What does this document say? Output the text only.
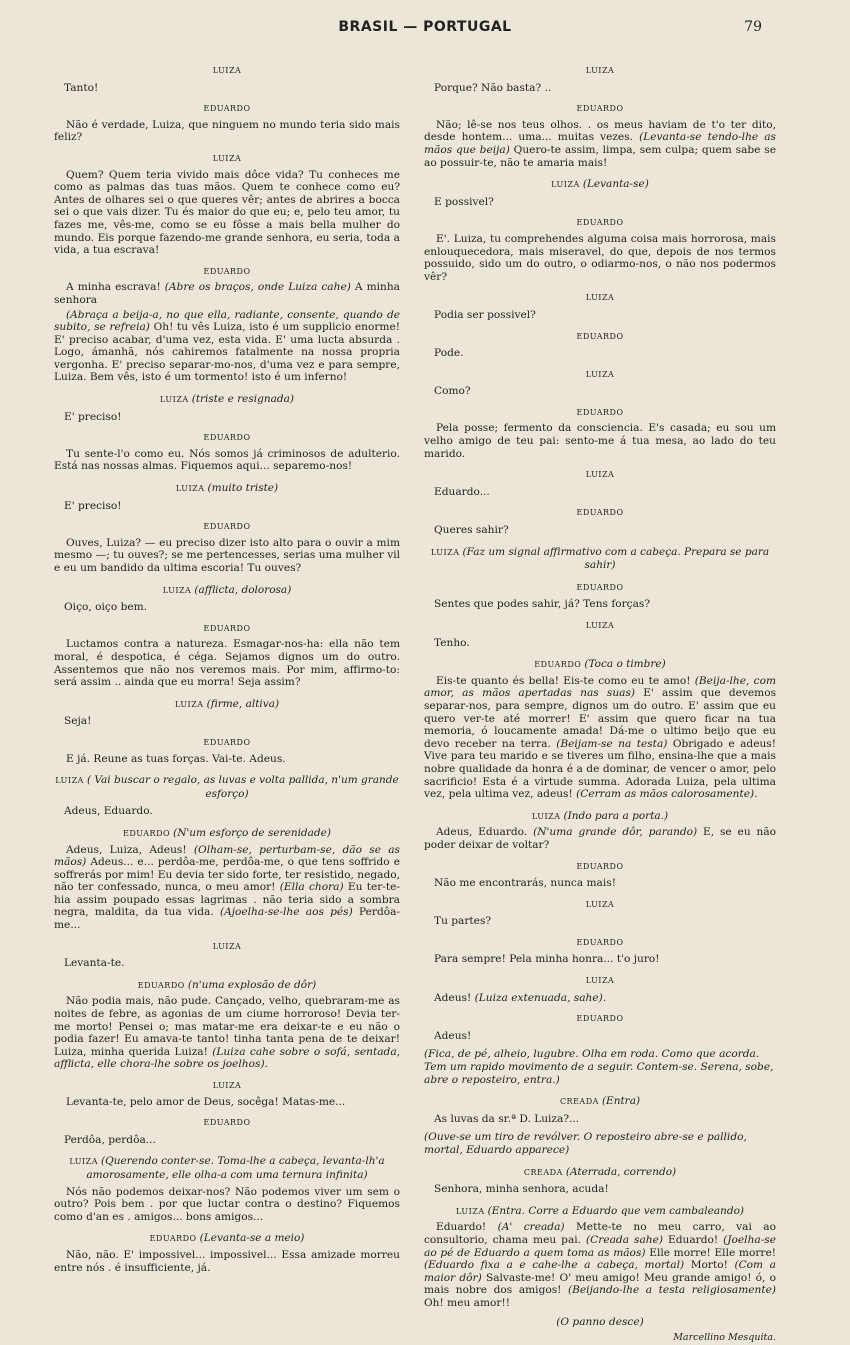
BRASIL — PORTUGAL	79
LUIZA
Tanto!
EDUARDO
Não é verdade, Luiza, que ninguem no mundo teria sido mais feliz?
LUIZA
Quem? Quem teria vivido mais dôce vida? Tu conheces me como as palmas das tuas mãos. Quem te conhece como eu? Antes de olhares sei o que queres vêr; antes de abrires a bocca sei o que vais dizer. Tu és maior do que eu; e, pelo teu amor, tu fazes me, vês-me, como se eu fôsse a mais bella mulher do mundo. Eis porque fazendo-me grande senhora, eu seria, toda a vida, a tua escrava!
EDUARDO
A minha escrava! (Abre os braços, onde Luiza cahe) A minha senhora
(Abraça a beija-a, no que ella, radiante, consente, quando de subito, se refreia) Oh! tu vês Luiza, isto é um supplicio enorme! E' preciso acabar, d'uma vez, esta vida. E' uma lucta absurda . Logo, ámanhã, nós cahiremos fatalmente na nossa propria vergonha. E' preciso separar-mo-nos, d'uma vez e para sempre, Luiza. Bem vês, isto é um tormento! isto é um inferno!
LUIZA (triste e resignada)
E' preciso!
EDUARDO
Tu sente-l'o como eu. Nós somos já criminosos de adulterio. Está nas nossas almas. Fiquemos aqui... separemo-nos!
LUIZA (muito triste)
E' preciso!
EDUARDO
Ouves, Luiza? — eu preciso dizer isto alto para o ouvir a mim mesmo —; tu ouves?; se me pertencesses, serias uma mulher vil e eu um bandido da ultima escoria! Tu ouves?
LUIZA (afflicta, dolorosa)
Oiço, oiço bem.
EDUARDO
Luctamos contra a natureza. Esmagar-nos-ha: ella não tem moral, é despotica, é céga. Sejamos dignos um do outro. Assentemos que não nos veremos mais. Por mim, affirmo-to: será assim .. ainda que eu morra! Seja assim?
LUIZA (firme, altiva)
Seja!
EDUARDO
E já. Reune as tuas forças. Vai-te. Adeus.
LUIZA ( Vai buscar o regalo, as luvas e volta pallida, n'um grande esforço)
Adeus, Eduardo.
EDUARDO (N'um esforço de serenidade)
Adeus, Luiza, Adeus! (Olham-se, perturbam-se, dão se as mãos) Adeus... e... perdôa-me, perdôa-me, o que tens soffrido e soffrerás por mim! Eu devia ter sido forte, ter resistido, negado, não ter confessado, nunca, o meu amor! (Ella chora) Eu ter-te-hia assim poupado essas lagrimas . não teria sido a sombra negra, maldita, da tua vida. (Ajoelha-se-lhe aos pés) Perdôa-me...
LUIZA
Levanta-te.
EDUARDO (n'uma explosão de dôr)
Não podia mais, não pude. Cançado, velho, quebraram-me as noites de febre, as agonias de um ciume horroroso! Devia ter-me morto! Pensei o; mas matar-me era deixar-te e eu não o podia fazer! Eu amava-te tanto! tinha tanta pena de te deixar! Luiza, minha querida Luiza! (Luiza cahe sobre o sofá, sentada, afflicta, elle chora-lhe sobre os joelhos).
LUIZA
Levanta-te, pelo amor de Deus, socêga! Matas-me...
EDUARDO
Perdôa, perdôa...
LUIZA (Querendo conter-se. Toma-lhe a cabeça, levanta-lh'a amorosamente, elle olha-a com uma ternura infinita)
Nós não podemos deixar-nos? Não podemos viver um sem o outro? Pois bem . por que luctar contra o destino? Fiquemos como d'an es . amigos... bons amigos...
EDUARDO (Levanta-se a meio)
Não, não. E' impossivel... impossivel... Essa amizade morreu entre nós . é insufficiente, já.
LUIZA
Porque? Não basta? ..
EDUARDO
Não; lê-se nos teus olhos. . os meus haviam de t'o ter dito, desde hontem... uma... muitas vezes. (Levanta-se tendo-lhe as mãos que beija) Quero-te assim, limpa, sem culpa; quem sabe se ao possuir-te, não te amaria mais!
LUIZA (Levanta-se)
E possivel?
EDUARDO
E'. Luiza, tu comprehendes alguma coisa mais horrorosa, mais enlouquecedora, mais miseravel, do que, depois de nos termos possuido, sido um do outro, o odiarmo-nos, o não nos podermos vêr?
LUIZA
Podia ser possivel?
EDUARDO
Pode.
LUIZA
Como?
EDUARDO
Pela posse; fermento da consciencia. E's casada; eu sou um velho amigo de teu pai: sento-me á tua mesa, ao lado do teu marido.
LUIZA
Eduardo...
EDUARDO
Queres sahir?
LUIZA (Faz um signal affirmativo com a cabeça. Prepara se para sahir)
EDUARDO
Sentes que podes sahir, já? Tens forças?
LUIZA
Tenho.
EDUARDO (Toca o timbre)
Eis-te quanto és bella! Eis-te como eu te amo! (Beija-lhe, com amor, as mãos apertadas nas suas) E' assim que devemos separar-nos, para sempre, dignos um do outro. E' assim que eu quero ver-te até morrer! E' assim que quero ficar na tua memoria, ó loucamente amada! Dá-me o ultimo beijo que eu devo receber na terra. (Beijam-se na testa) Obrigado e adeus! Vive para teu marido e se tiveres um filho, ensina-lhe que a mais nobre qualidade da honra é a de dominar, de vencer o amor, pelo sacrificio! Esta é a virtude summa. Adorada Luiza, pela ultima vez, pela ultima vez, adeus! (Cerram as mãos calorosamente).
LUIZA (Indo para a porta.)
Adeus, Eduardo. (N'uma grande dôr, parando) E, se eu não poder deixar de voltar?
EDUARDO
Não me encontrarás, nunca mais!
LUIZA
Tu partes?
EDUARDO
Para sempre! Pela minha honra... t'o juro!
LUIZA
Adeus! (Luiza extenuada, sahe).
EDUARDO
Adeus!
(Fica, de pé, alheio, lugubre. Olha em roda. Como que acorda. Tem um rapido movimento de a seguir. Contem-se. Serena, sobe, abre o reposteiro, entra.)
CREADA (Entra)
As luvas da sr.ª D. Luiza?...
(Ouve-se um tiro de revólver. O reposteiro abre-se e pallido, mortal, Eduardo apparece)
CREADA (Aterrada, correndo)
Senhora, minha senhora, acuda!
LUIZA (Entra. Corre a Eduardo que vem cambaleando)
Eduardo! (A' creada) Mette-te no meu carro, vai ao consultorio, chama meu pai. (Creada sahe) Eduardo! (Joelha-se ao pé de Eduardo a quem toma as mãos) Elle morre! Elle morre! (Eduardo fixa a e cahe-lhe a cabeça, mortal) Morto! (Com a maior dôr) Salvaste-me! O' meu amigo! Meu grande amigo! ó, o mais nobre dos amigos! (Beijando-lhe a testa religiosamente) Oh! meu amor!!
(O panno desce)
Marcellino Mesquita.
